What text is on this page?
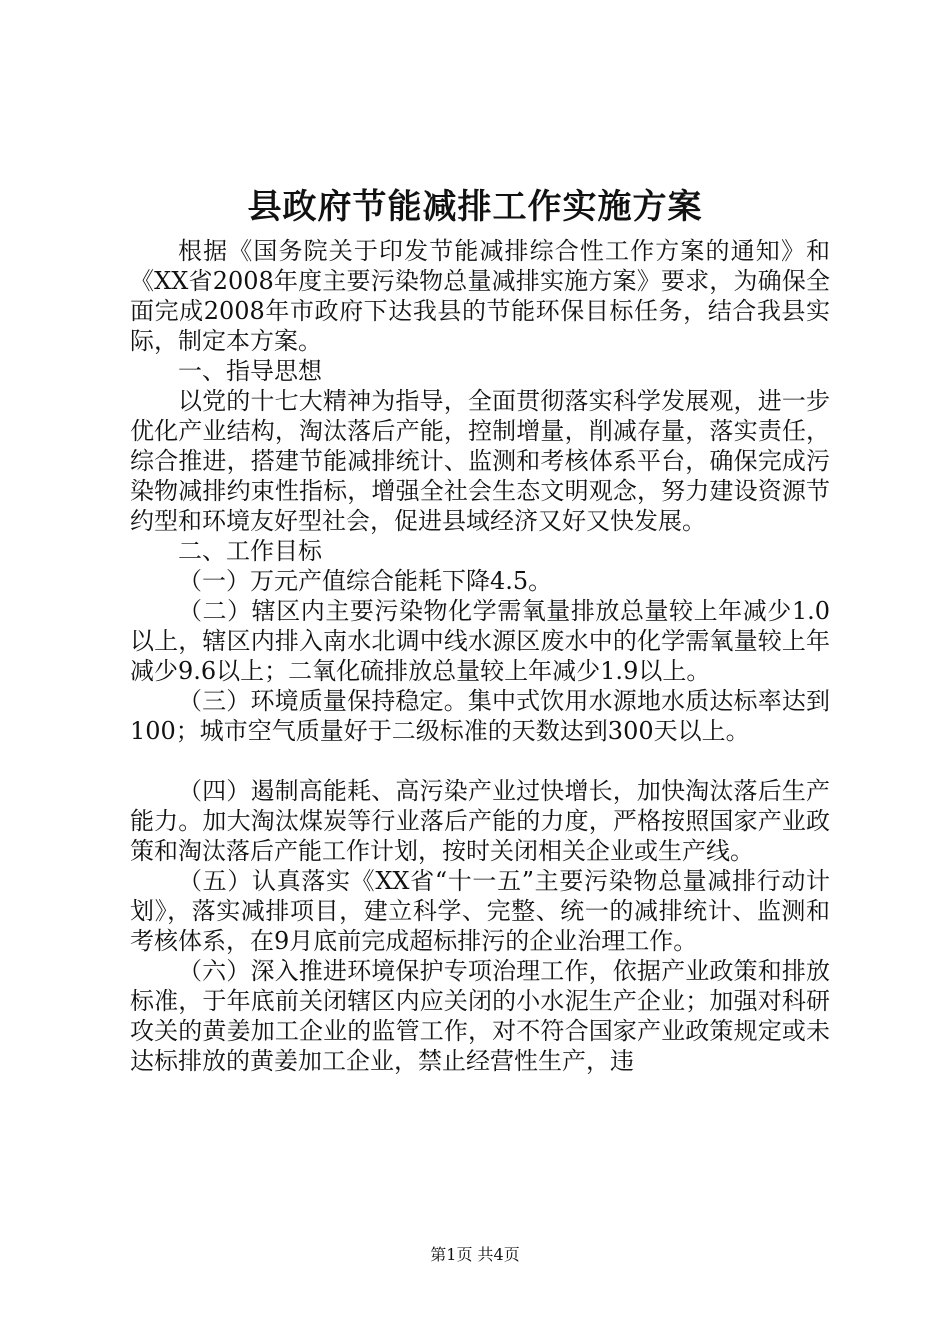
县政府节能减排工作实施方案

根据《国务院关于印发节能减排综合性工作方案的通知》和《XX省2008年度主要污染物总量减排实施方案》要求，为确保全面完成2008年市政府下达我县的节能环保目标任务，结合我县实际，制定本方案。

一、指导思想

以党的十七大精神为指导，全面贯彻落实科学发展观，进一步优化产业结构，淘汰落后产能，控制增量，削减存量，落实责任，综合推进，搭建节能减排统计、监测和考核体系平台，确保完成污染物减排约束性指标，增强全社会生态文明观念，努力建设资源节约型和环境友好型社会，促进县域经济又好又快发展。

二、工作目标

（一）万元产值综合能耗下降4.5。

（二）辖区内主要污染物化学需氧量排放总量较上年减少1.0以上，辖区内排入南水北调中线水源区废水中的化学需氧量较上年减少9.6以上；二氧化硫排放总量较上年减少1.9以上。

（三）环境质量保持稳定。集中式饮用水源地水质达标率达到100；城市空气质量好于二级标准的天数达到300天以上。

（四）遏制高能耗、高污染产业过快增长，加快淘汰落后生产能力。加大淘汰煤炭等行业落后产能的力度，严格按照国家产业政策和淘汰落后产能工作计划，按时关闭相关企业或生产线。

（五）认真落实《XX省“十一五”主要污染物总量减排行动计划》，落实减排项目，建立科学、完整、统一的减排统计、监测和考核体系，在9月底前完成超标排污的企业治理工作。

（六）深入推进环境保护专项治理工作，依据产业政策和排放标准，于年底前关闭辖区内应关闭的小水泥生产企业；加强对科研攻关的黄姜加工企业的监管工作，对不符合国家产业政策规定或未达标排放的黄姜加工企业，禁止经营性生产，违

第1页 共4页
